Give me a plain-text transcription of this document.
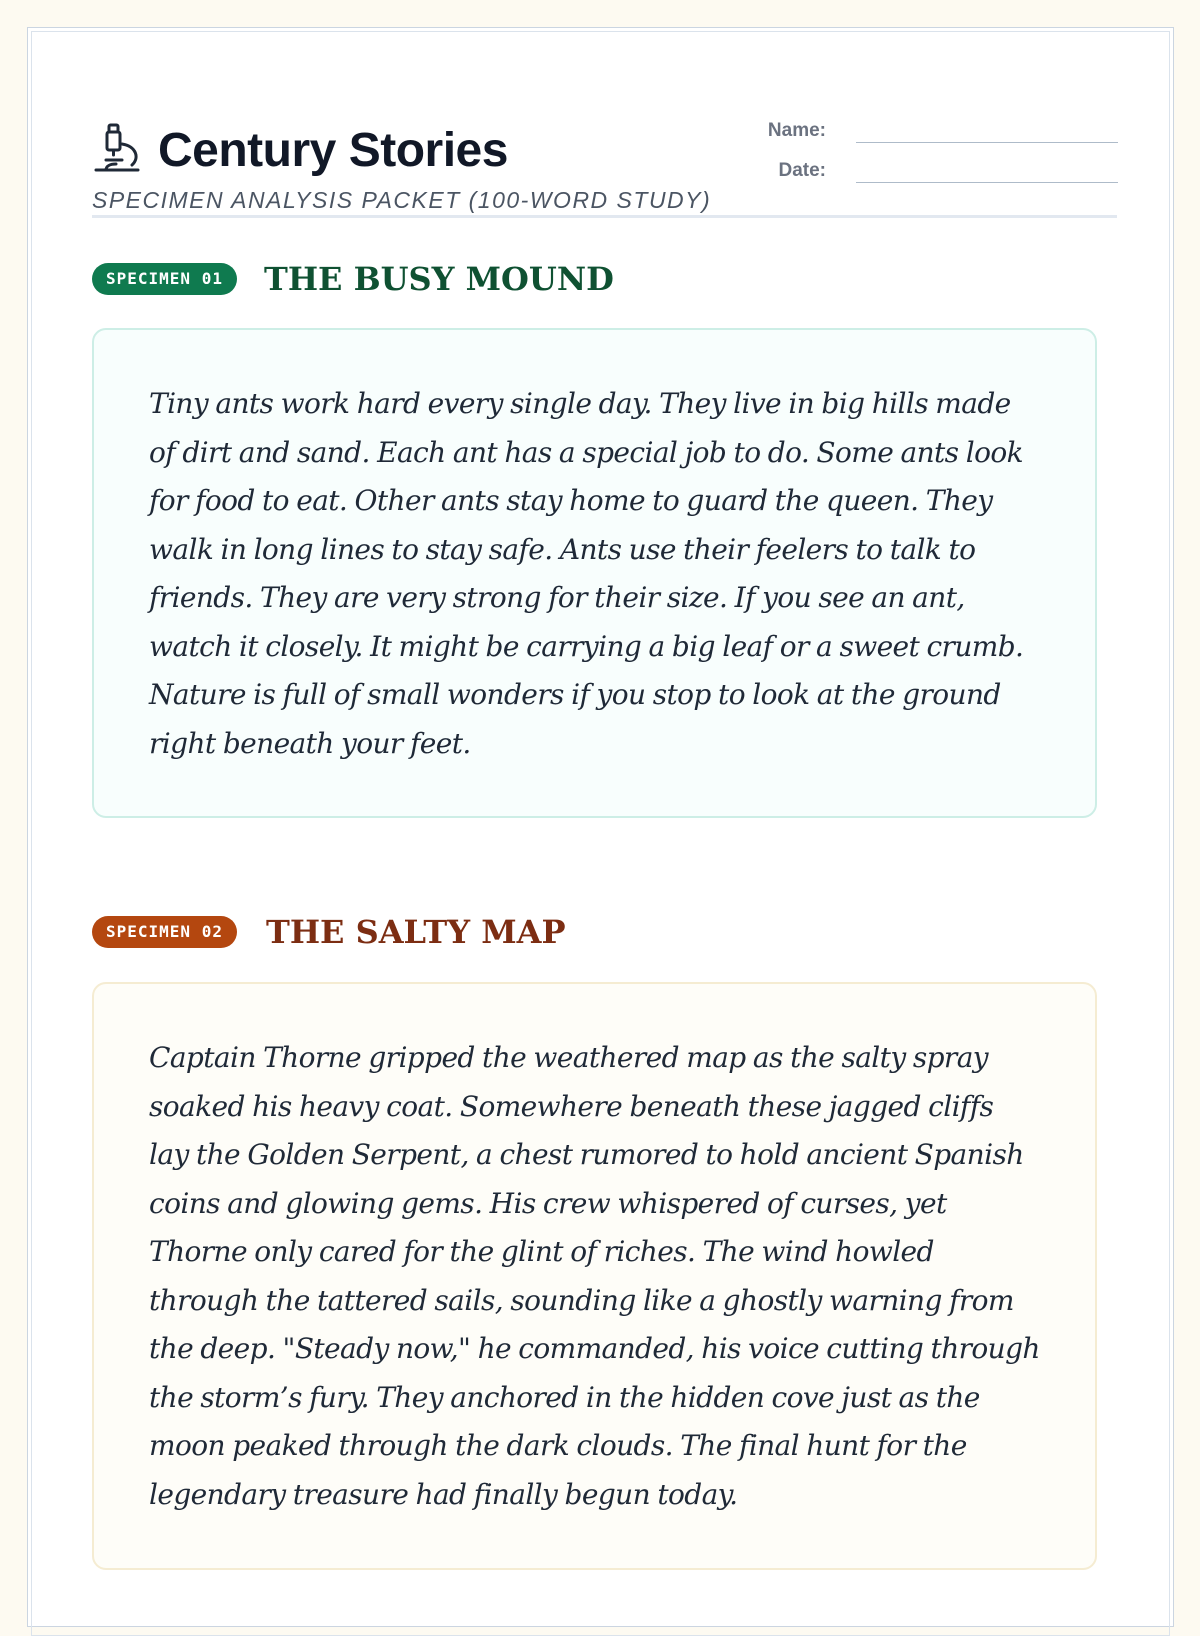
Century Stories
SPECIMEN ANALYSIS PACKET (100-WORD STUDY)
Name:
Date:
SPECIMEN 01	THE BUSY MOUND

Tiny ants work hard every single day. They live in big hills made of dirt and sand. Each ant has a special job to do. Some ants look for food to eat. Other ants stay home to guard the queen. They walk in long lines to stay safe. Ants use their feelers to talk to friends. They are very strong for their size. If you see an ant, watch it closely. It might be carrying a big leaf or a sweet crumb. Nature is full of small wonders if you stop to look at the ground right beneath your feet.

SPECIMEN 02	THE SALTY MAP

Captain Thorne gripped the weathered map as the salty spray soaked his heavy coat. Somewhere beneath these jagged cliffs lay the Golden Serpent, a chest rumored to hold ancient Spanish coins and glowing gems. His crew whispered of curses, yet Thorne only cared for the glint of riches. The wind howled through the tattered sails, sounding like a ghostly warning from the deep. "Steady now," he commanded, his voice cutting through the storm’s fury. They anchored in the hidden cove just as the moon peaked through the dark clouds. The final hunt for the legendary treasure had finally begun today.
